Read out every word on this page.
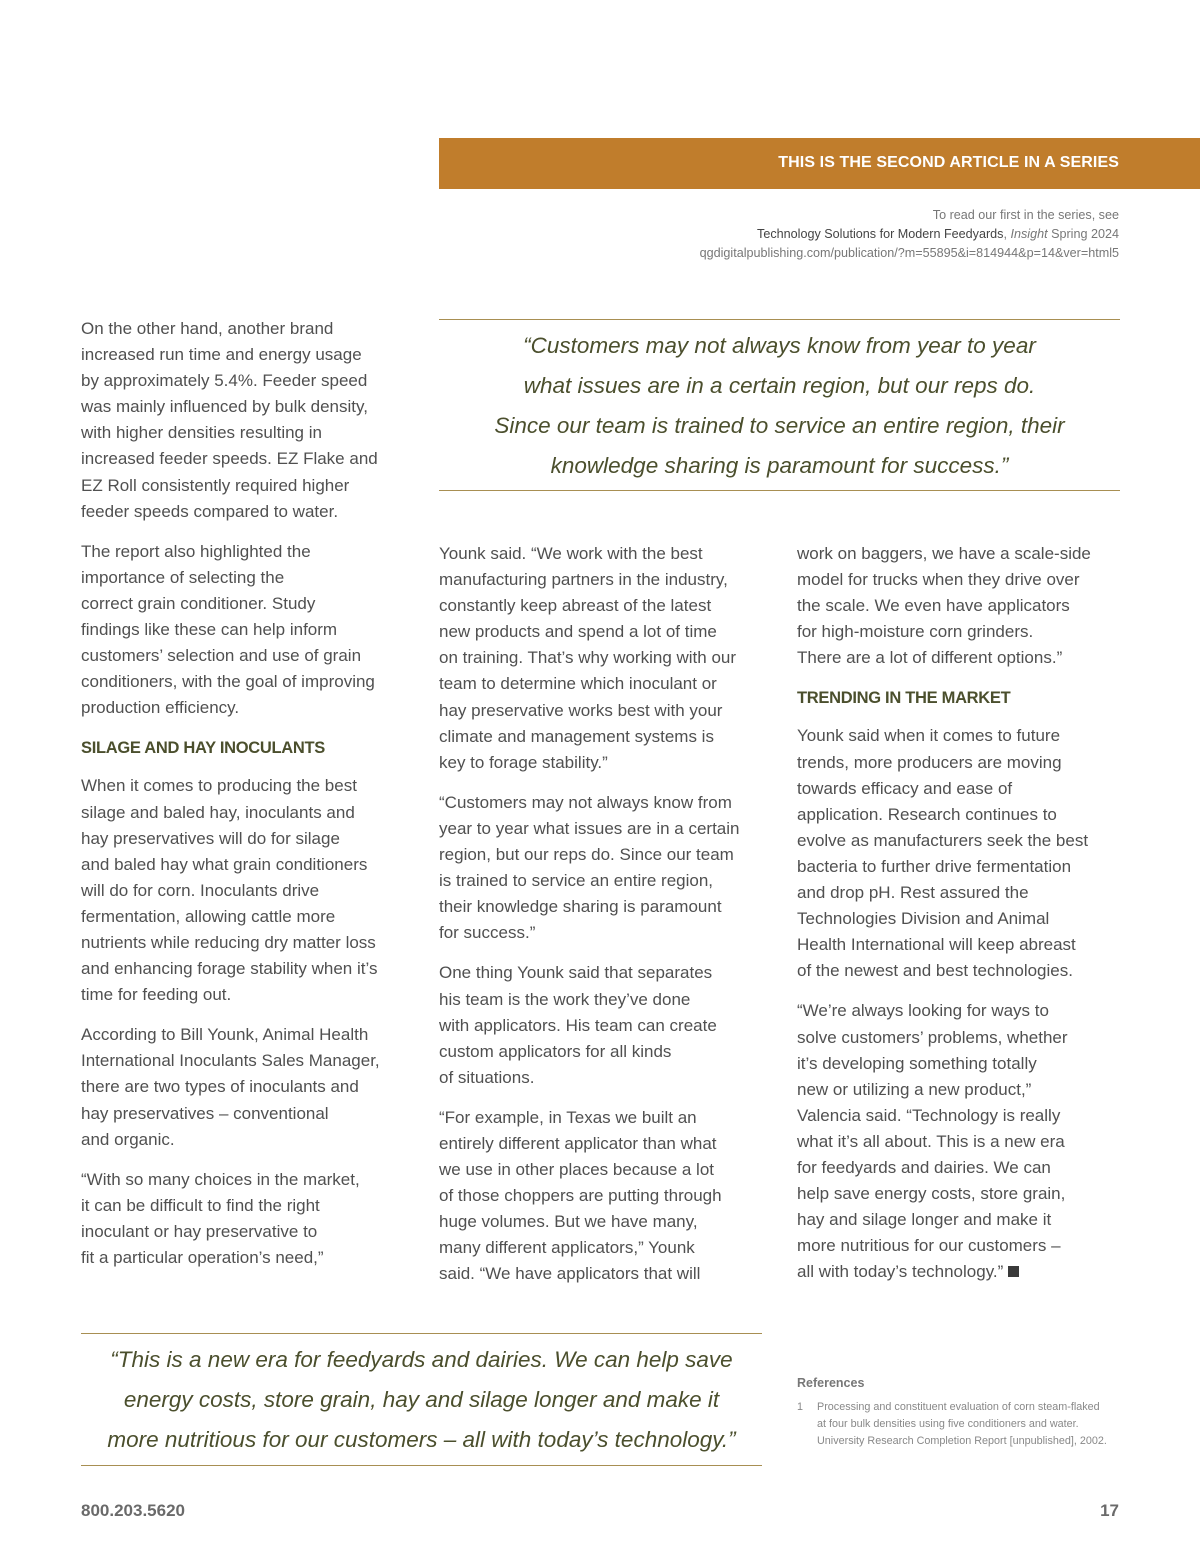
THIS IS THE SECOND ARTICLE IN A SERIES
To read our first in the series, see
Technology Solutions for Modern Feedyards, Insight Spring 2024
qgdigitalpublishing.com/publication/?m=55895&i=814944&p=14&ver=html5
“Customers may not always know from year to year
what issues are in a certain region, but our reps do.
Since our team is trained to service an entire region, their
knowledge sharing is paramount for success.”

On the other hand, another brand
increased run time and energy usage
by approximately 5.4%. Feeder speed
was mainly influenced by bulk density,
with higher densities resulting in
increased feeder speeds. EZ Flake and
EZ Roll consistently required higher
feeder speeds compared to water.

The report also highlighted the
importance of selecting the
correct grain conditioner. Study
findings like these can help inform
customers’ selection and use of grain
conditioners, with the goal of improving
production efficiency.

SILAGE AND HAY INOCULANTS

When it comes to producing the best
silage and baled hay, inoculants and
hay preservatives will do for silage
and baled hay what grain conditioners
will do for corn. Inoculants drive
fermentation, allowing cattle more
nutrients while reducing dry matter loss
and enhancing forage stability when it’s
time for feeding out.

According to Bill Younk, Animal Health
International Inoculants Sales Manager,
there are two types of inoculants and
hay preservatives – conventional
and organic.

“With so many choices in the market,
it can be difficult to find the right
inoculant or hay preservative to
fit a particular operation’s need,”

Younk said. “We work with the best
manufacturing partners in the industry,
constantly keep abreast of the latest
new products and spend a lot of time
on training. That’s why working with our
team to determine which inoculant or
hay preservative works best with your
climate and management systems is
key to forage stability.”

“Customers may not always know from
year to year what issues are in a certain
region, but our reps do. Since our team
is trained to service an entire region,
their knowledge sharing is paramount
for success.”

One thing Younk said that separates
his team is the work they’ve done
with applicators. His team can create
custom applicators for all kinds
of situations.

“For example, in Texas we built an
entirely different applicator than what
we use in other places because a lot
of those choppers are putting through
huge volumes. But we have many,
many different applicators,” Younk
said. “We have applicators that will

work on baggers, we have a scale-side
model for trucks when they drive over
the scale. We even have applicators
for high-moisture corn grinders.
There are a lot of different options.”

TRENDING IN THE MARKET

Younk said when it comes to future
trends, more producers are moving
towards efficacy and ease of
application. Research continues to
evolve as manufacturers seek the best
bacteria to further drive fermentation
and drop pH. Rest assured the
Technologies Division and Animal
Health International will keep abreast
of the newest and best technologies.

“We’re always looking for ways to
solve customers’ problems, whether
it’s developing something totally
new or utilizing a new product,”
Valencia said. “Technology is really
what it’s all about. This is a new era
for feedyards and dairies. We can
help save energy costs, store grain,
hay and silage longer and make it
more nutritious for our customers –
all with today’s technology.”

“This is a new era for feedyards and dairies. We can help save
energy costs, store grain, hay and silage longer and make it
more nutritious for our customers – all with today’s technology.”
References
1 Processing and constituent evaluation of corn steam-flaked
at four bulk densities using five conditioners and water.
University Research Completion Report [unpublished], 2002.
800.203.5620	17
